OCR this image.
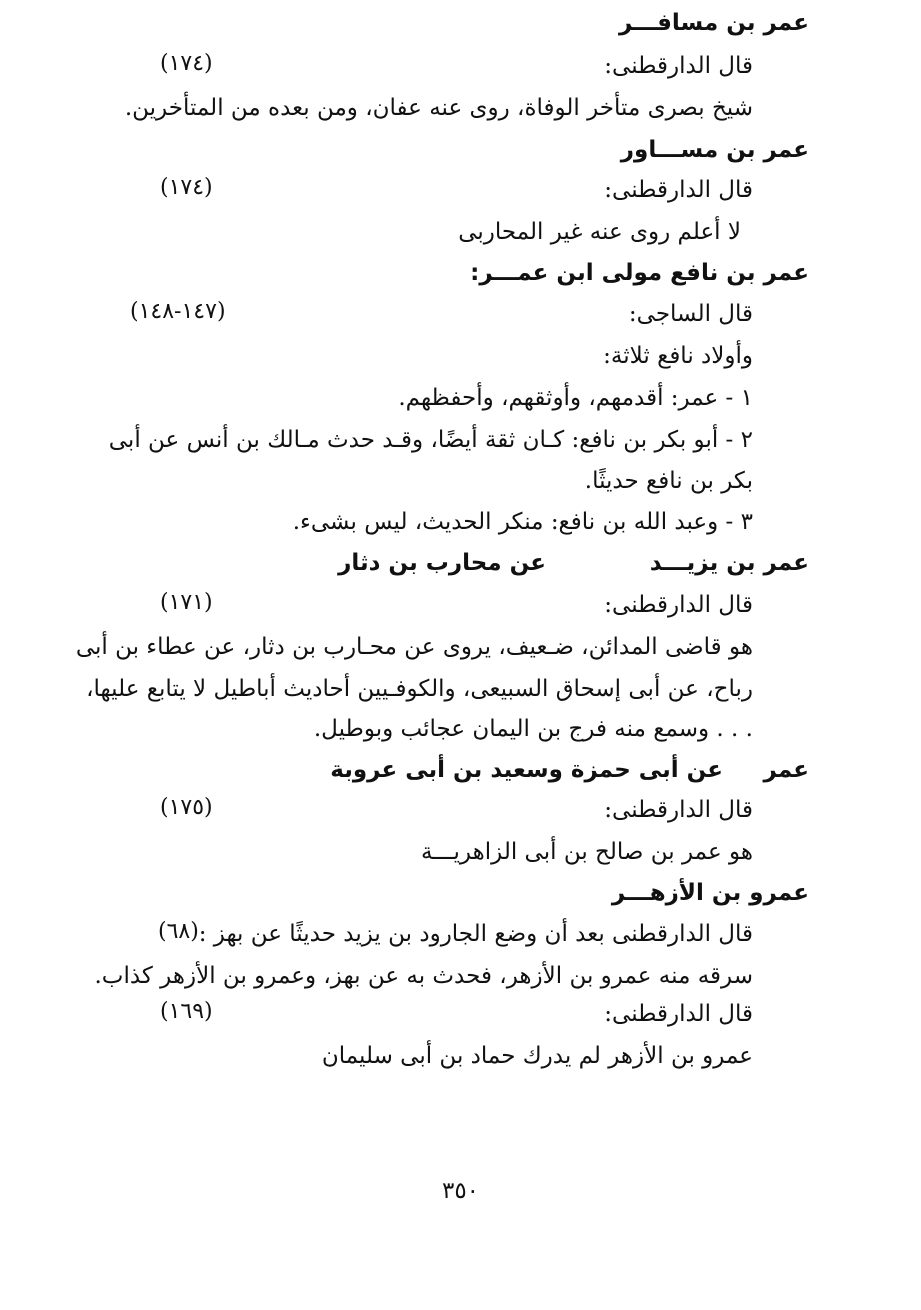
عمر بن مسافـــر
قال الدارقطنى:
(١٧٤)
شيخ بصرى متأخر الوفاة، روى عنه عفان، ومن بعده من المتأخرين.
عمر بن مســـاور
قال الدارقطنى:
(١٧٤)
لا أعلم روى عنه غير المحاربى
عمر بن نافع مولى ابن عمـــر:
قال الساجى:
(١٤٧-١٤٨)
وأولاد نافع ثلاثة:
١ - عمر: أقدمهم، وأوثقهم، وأحفظهم.
٢ - أبو بكر بن نافع: كـان ثقة أيضًا، وقـد حدث مـالك بن أنس عن أبى
بكر بن نافع حديثًا.
٣ - وعبد الله بن نافع: منكر الحديث، ليس بشىء.
عمر بن يزيـــد
عن محارب بن دثار
قال الدارقطنى:
(١٧١)
هو قاضى المدائن، ضـعيف، يروى عن محـارب بن دثار، عن عطاء بن أبى
رباح، عن أبى إسحاق السبيعى، والكوفـيين أحاديث أباطيل لا يتابع عليها،
. . . وسمع منه فرج بن اليمان عجائب وبوطيل.
عمر
عن أبى حمزة وسعيد بن أبى عروبة
قال الدارقطنى:
(١٧٥)
هو عمر بن صالح بن أبى الزاهريـــة
عمرو بن الأزهـــر
قال الدارقطنى بعد أن وضع الجارود بن يزيد حديثًا عن بهز :
(٦٨)
سرقه منه عمرو بن الأزهر، فحدث به عن بهز، وعمرو بن الأزهر كذاب.
قال الدارقطنى:
(١٦٩)
عمرو بن الأزهر لم يدرك حماد بن أبى سليمان
٣٥٠
